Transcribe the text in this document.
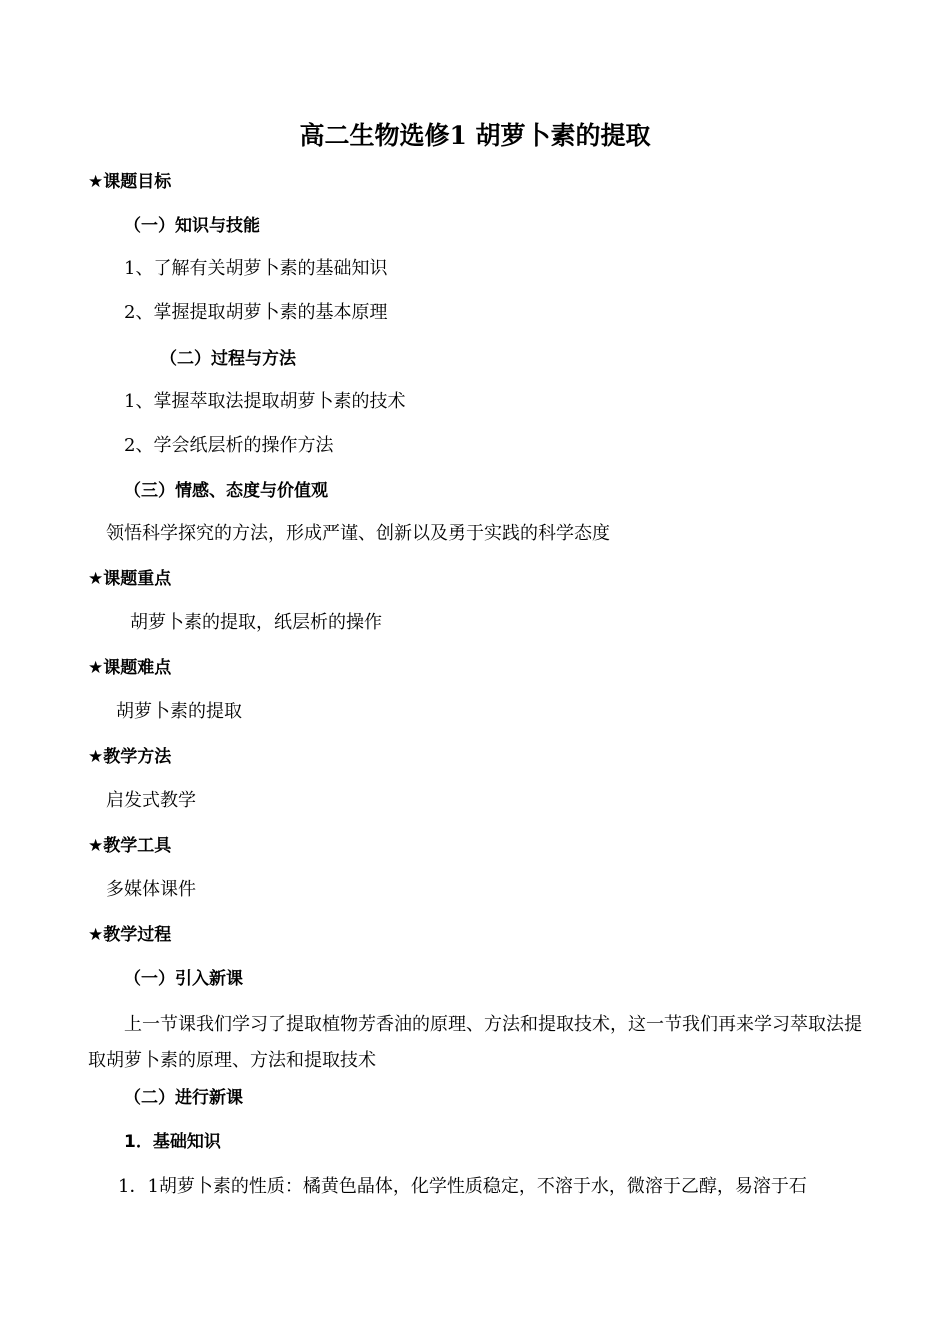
高二生物选修1 胡萝卜素的提取
★课题目标
（一）知识与技能
1、了解有关胡萝卜素的基础知识
2、掌握提取胡萝卜素的基本原理
（二）过程与方法
1、掌握萃取法提取胡萝卜素的技术
2、学会纸层析的操作方法
（三）情感、态度与价值观
领悟科学探究的方法，形成严谨、创新以及勇于实践的科学态度
★课题重点
胡萝卜素的提取，纸层析的操作
★课题难点
胡萝卜素的提取
★教学方法
启发式教学
★教学工具
多媒体课件
★教学过程
（一）引入新课
上一节课我们学习了提取植物芳香油的原理、方法和提取技术，这一节我们再来学习萃取法提取胡萝卜素的原理、方法和提取技术
（二）进行新课
1．基础知识
1．1胡萝卜素的性质：橘黄色晶体，化学性质稳定，不溶于水，微溶于乙醇，易溶于石
